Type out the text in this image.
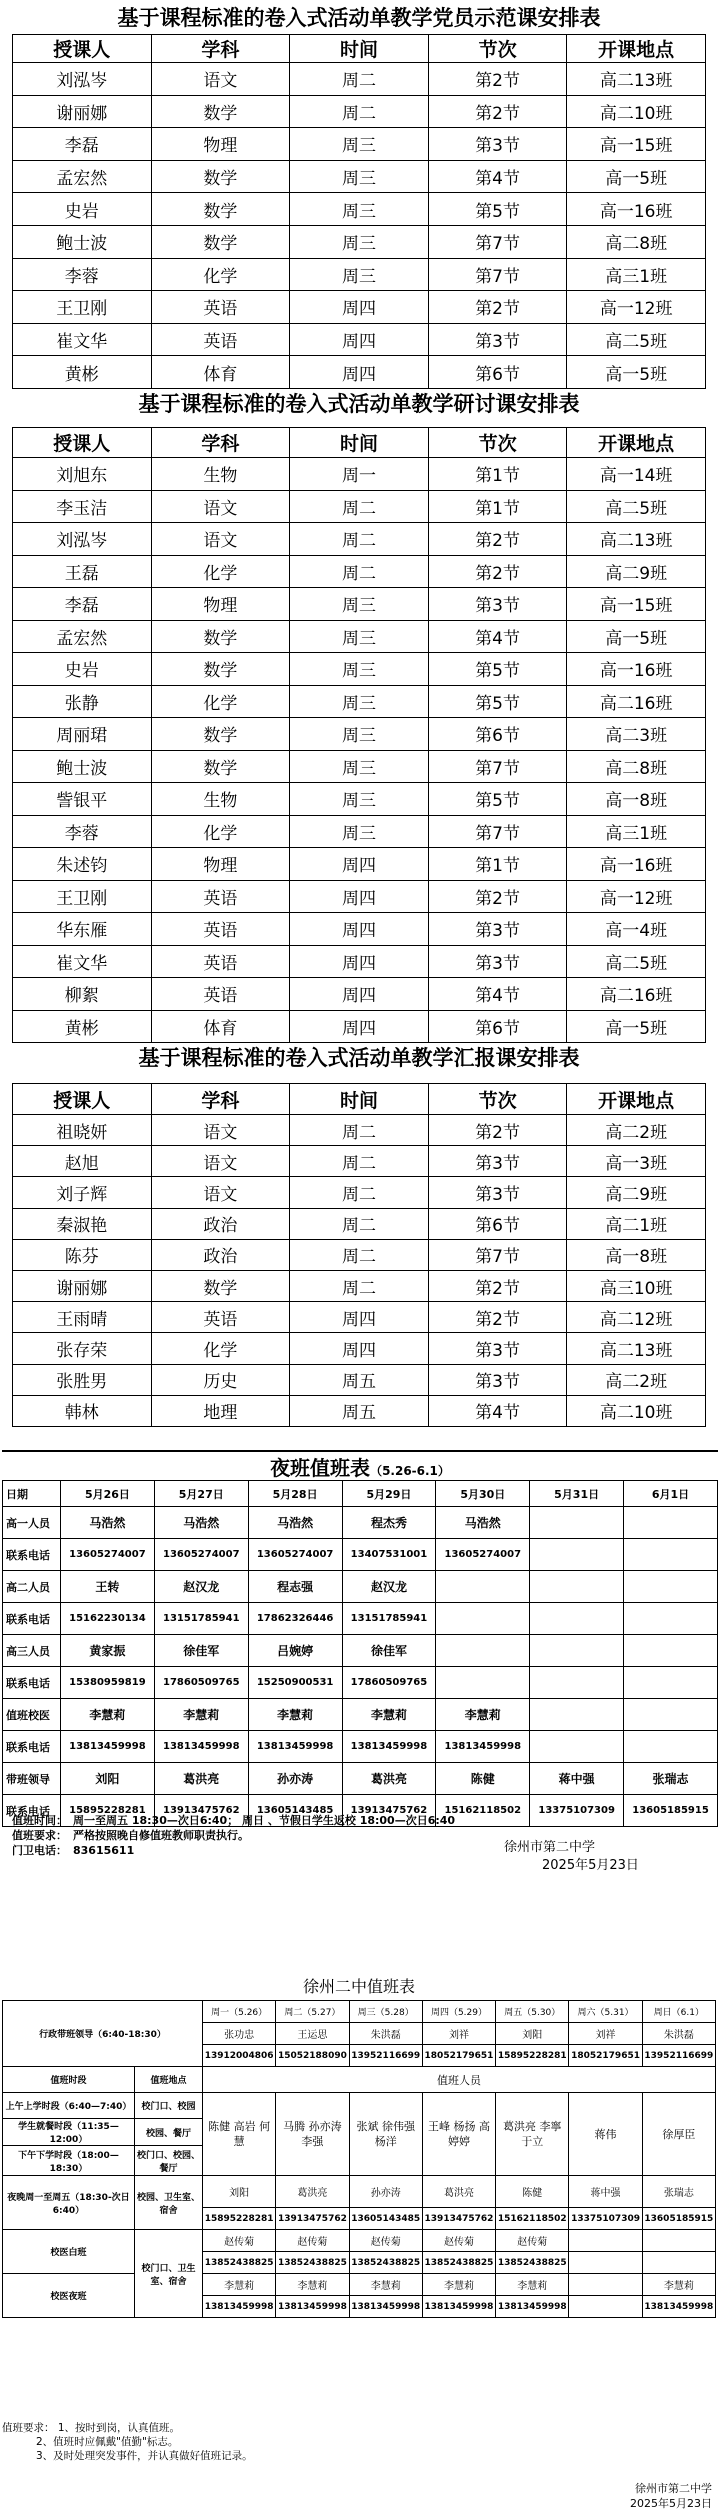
基于课程标准的卷入式活动单教学党员示范课安排表
授课人	学科	时间	节次	开课地点
刘泓岑	语文	周二	第2节	高二13班
谢丽娜	数学	周二	第2节	高二10班
李磊	物理	周三	第3节	高一15班
孟宏然	数学	周三	第4节	高一5班
史岩	数学	周三	第5节	高一16班
鲍士波	数学	周三	第7节	高二8班
李蓉	化学	周三	第7节	高三1班
王卫刚	英语	周四	第2节	高一12班
崔文华	英语	周四	第3节	高二5班
黄彬	体育	周四	第6节	高一5班
基于课程标准的卷入式活动单教学研讨课安排表
授课人	学科	时间	节次	开课地点
刘旭东	生物	周一	第1节	高一14班
李玉洁	语文	周二	第1节	高二5班
刘泓岑	语文	周二	第2节	高二13班
王磊	化学	周二	第2节	高二9班
李磊	物理	周三	第3节	高一15班
孟宏然	数学	周三	第4节	高一5班
史岩	数学	周三	第5节	高一16班
张静	化学	周三	第5节	高二16班
周丽珺	数学	周三	第6节	高二3班
鲍士波	数学	周三	第7节	高二8班
訾银平	生物	周三	第5节	高一8班
李蓉	化学	周三	第7节	高三1班
朱述钧	物理	周四	第1节	高一16班
王卫刚	英语	周四	第2节	高一12班
华东雁	英语	周四	第3节	高一4班
崔文华	英语	周四	第3节	高二5班
柳絮	英语	周四	第4节	高二16班
黄彬	体育	周四	第6节	高一5班
基于课程标准的卷入式活动单教学汇报课安排表
授课人	学科	时间	节次	开课地点
祖晓妍	语文	周二	第2节	高二2班
赵旭	语文	周二	第3节	高一3班
刘子辉	语文	周二	第3节	高二9班
秦淑艳	政治	周二	第6节	高二1班
陈芬	政治	周二	第7节	高一8班
谢丽娜	数学	周二	第2节	高三10班
王雨晴	英语	周四	第2节	高二12班
张存荣	化学	周四	第3节	高二13班
张胜男	历史	周五	第3节	高二2班
韩林	地理	周五	第4节	高二10班
夜班值班表（5.26-6.1）
日期	5月26日	5月27日	5月28日	5月29日	5月30日	5月31日	6月1日
高一人员	马浩然	马浩然	马浩然	程杰秀	马浩然		
联系电话	13605274007	13605274007	13605274007	13407531001	13605274007		
高二人员	王转	赵汉龙	程志强	赵汉龙			
联系电话	15162230134	13151785941	17862326446	13151785941			
高三人员	黄家振	徐佳军	吕婉婷	徐佳军			
联系电话	15380959819	17860509765	15250900531	17860509765			
值班校医	李慧莉	李慧莉	李慧莉	李慧莉	李慧莉		
联系电话	13813459998	13813459998	13813459998	13813459998	13813459998		
带班领导	刘阳	葛洪亮	孙亦涛	葛洪亮	陈健	蒋中强	张瑞志
联系电话	15895228281	13913475762	13605143485	13913475762	15162118502	13375107309	13605185915
值班时间： 周一至周五 18:30—次日6:40； 周日 、节假日学生返校 18:00—次日6:40
值班要求： 严格按照晚自修值班教师职责执行。
门卫电话： 83615611	徐州市第二中学
2025年5月23日
徐州二中值班表
行政带班领导（6:40-18:30）		周一（5.26）	周二（5.27）	周三（5.28）	周四（5.29）	周五（5.30）	周六（5.31）	周日（6.1）
		张功忠	王运思	朱洪磊	刘祥	刘阳	刘祥	朱洪磊
		13912004806	15052188090	13952116699	18052179651	15895228281	18052179651	13952116699
值班时段	值班地点	值班人员						
上午上学时段（6:40—7:40）	校门口、校园	陈健 高岩 何慧	马腾 孙亦涛 李强	张斌 徐伟强 杨洋	王峰 杨扬 高婷婷	葛洪亮 李寧 于立	蒋伟	徐厚臣
学生就餐时段（11:35—12:00）	校园、餐厅							
下午下学时段（18:00—18:30）	校门口、校园、餐厅							
夜晚周一至周五（18:30-次日6:40）	校园、卫生室、宿舍	刘阳	葛洪亮	孙亦涛	葛洪亮	陈健	蒋中强	张瑞志
		15895228281	13913475762	13605143485	13913475762	15162118502	13375107309	13605185915
校医白班	校门口、卫生室、宿舍	赵传菊	赵传菊	赵传菊	赵传菊	赵传菊		
		13852438825	13852438825	13852438825	13852438825	13852438825		
校医夜班		李慧莉	李慧莉	李慧莉	李慧莉	李慧莉		李慧莉
		13813459998	13813459998	13813459998	13813459998	13813459998		13813459998
值班要求： 1、按时到岗，认真值班。
2、值班时应佩戴"值勤"标志。
3、及时处理突发事件，并认真做好值班记录。
徐州市第二中学
2025年5月23日
